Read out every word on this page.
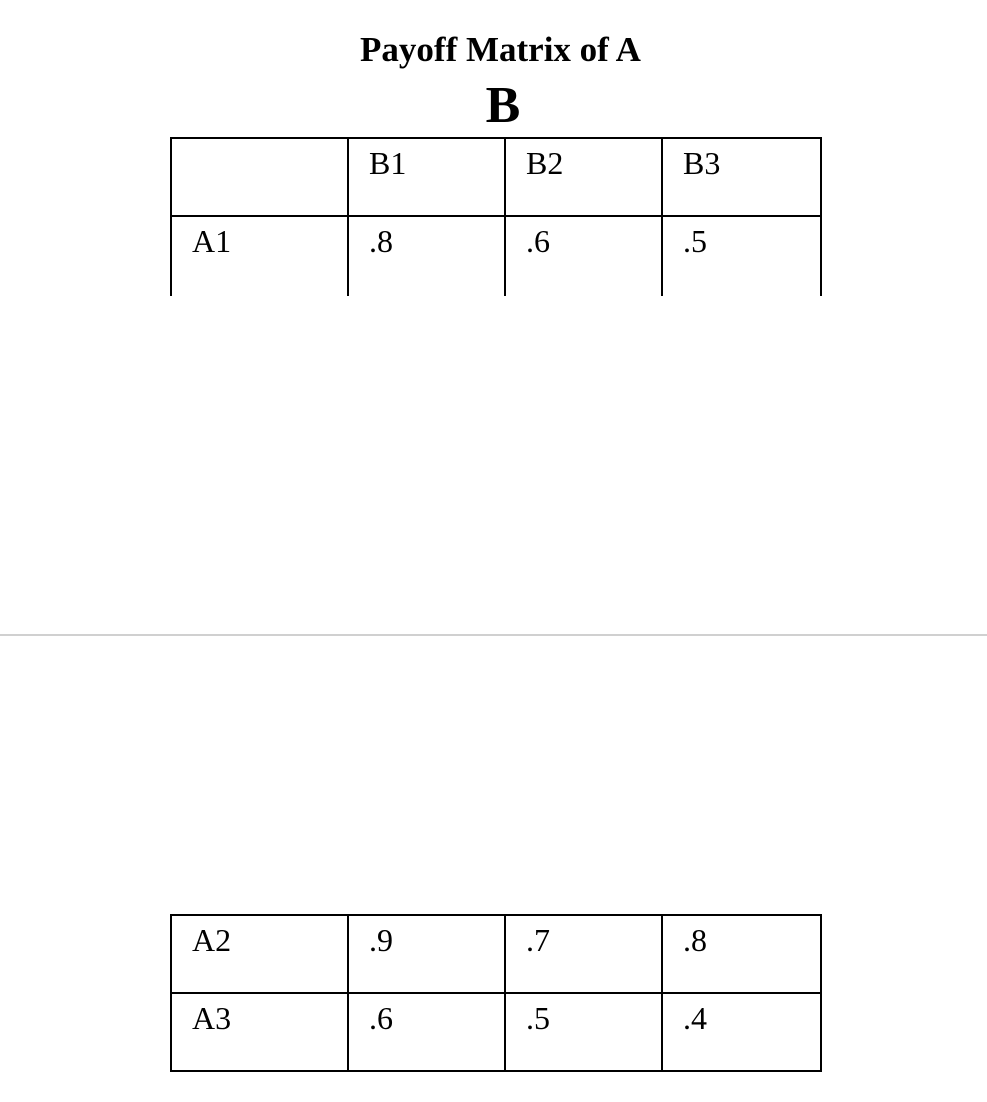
Payoff Matrix of A
B
	B1	B2	B3
A1	.8	.6	.5
A2	.9	.7	.8
A3	.6	.5	.4
